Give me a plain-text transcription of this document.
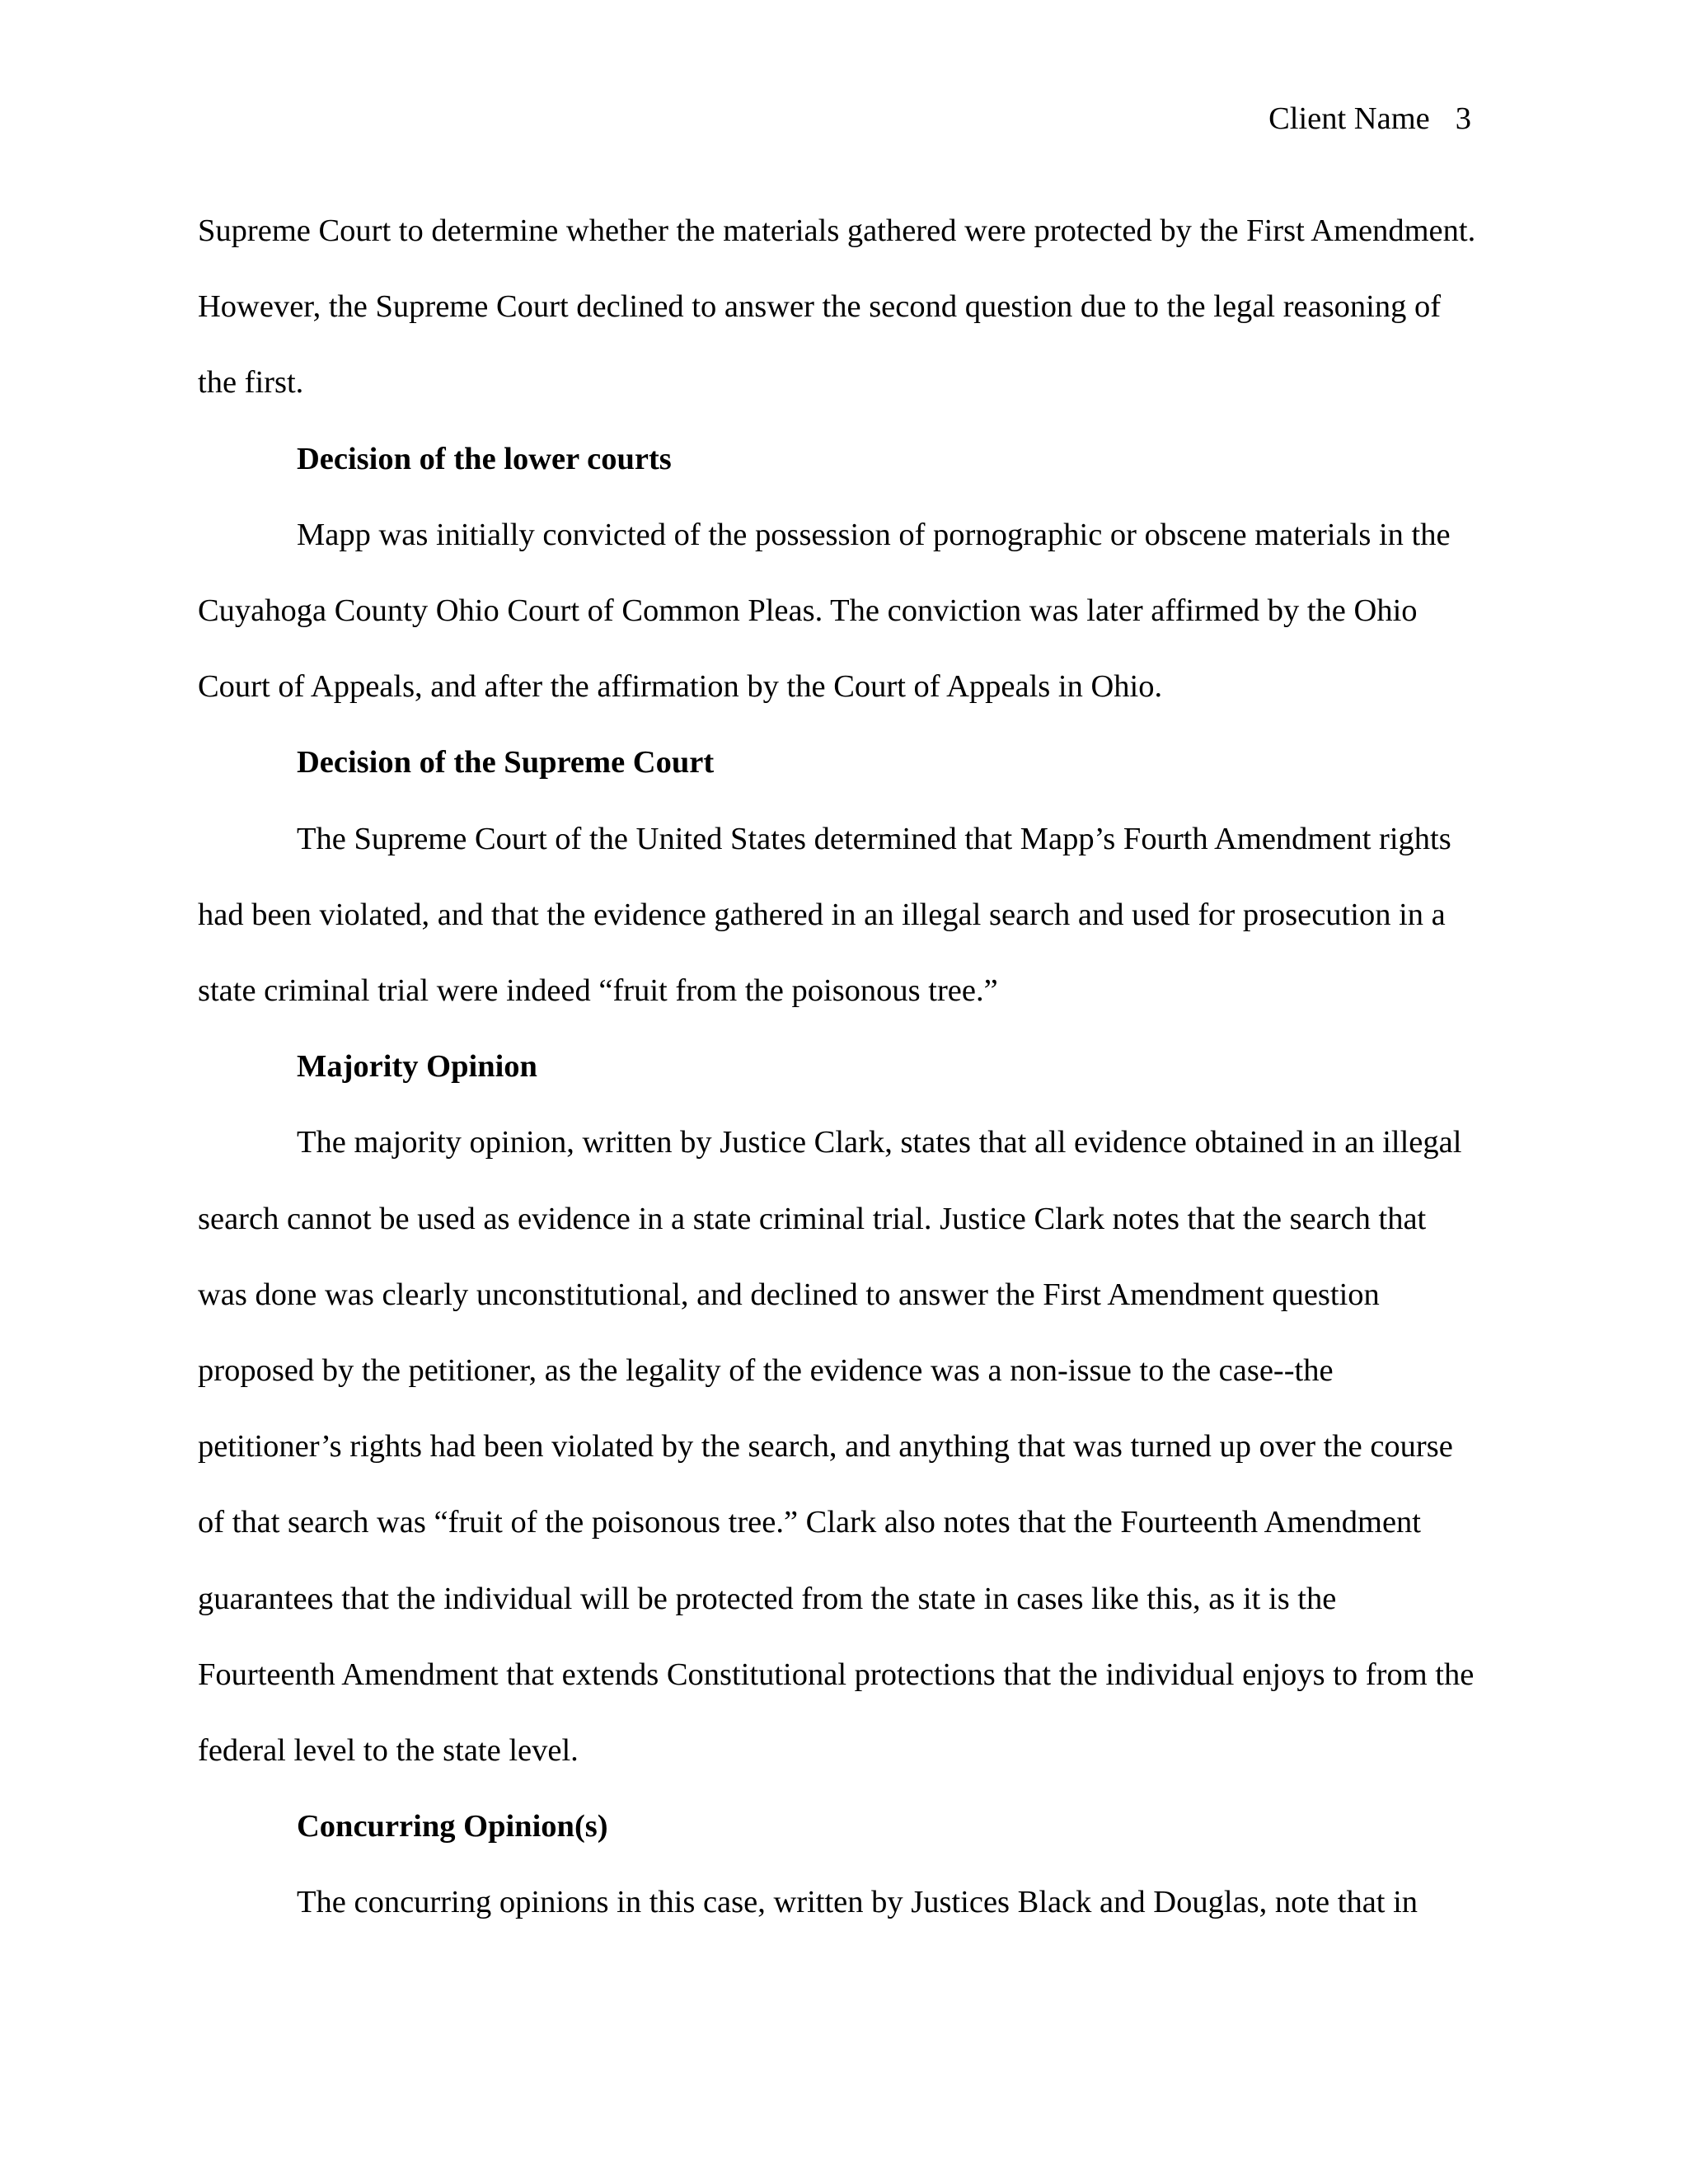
Client Name 3

Supreme Court to determine whether the materials gathered were protected by the First Amendment. However, the Supreme Court declined to answer the second question due to the legal reasoning of the first.

Decision of the lower courts

Mapp was initially convicted of the possession of pornographic or obscene materials in the Cuyahoga County Ohio Court of Common Pleas. The conviction was later affirmed by the Ohio Court of Appeals, and after the affirmation by the Court of Appeals in Ohio.

Decision of the Supreme Court

The Supreme Court of the United States determined that Mapp’s Fourth Amendment rights had been violated, and that the evidence gathered in an illegal search and used for prosecution in a state criminal trial were indeed “fruit from the poisonous tree.”

Majority Opinion

The majority opinion, written by Justice Clark, states that all evidence obtained in an illegal search cannot be used as evidence in a state criminal trial. Justice Clark notes that the search that was done was clearly unconstitutional, and declined to answer the First Amendment question proposed by the petitioner, as the legality of the evidence was a non-issue to the case--the petitioner’s rights had been violated by the search, and anything that was turned up over the course of that search was “fruit of the poisonous tree.” Clark also notes that the Fourteenth Amendment guarantees that the individual will be protected from the state in cases like this, as it is the Fourteenth Amendment that extends Constitutional protections that the individual enjoys to from the federal level to the state level.

Concurring Opinion(s)

The concurring opinions in this case, written by Justices Black and Douglas, note that in
